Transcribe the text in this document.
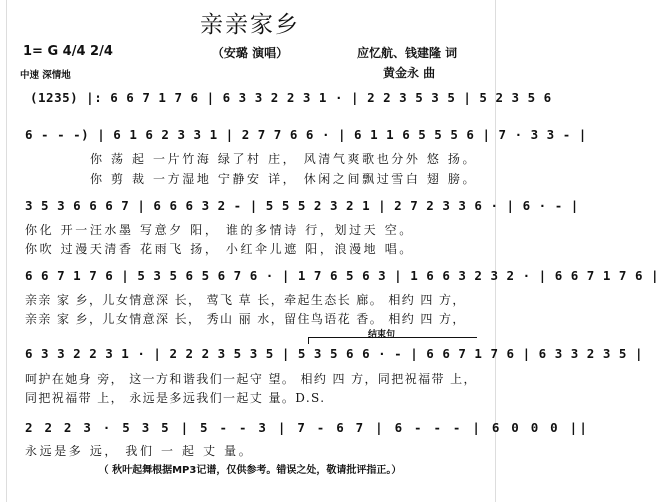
亲亲家乡
（安璐 演唱）	应忆航、钱建隆 词
黄金永 曲
1= G 4/4 2/4
中速 深情地
(1235) |: 6 6 7 1 7 6 | 6 3 3 2 2 3 1 · | 2 2 3 5 3 5 | 5 2 3 5 6
6 - - -) | 6 1 6 2 3 3 1 | 2 7 7 6 6 · | 6 1 1 6 5 5 5 6 | 7 · 3 3 - |
你 荡 起 一片竹海 绿了村 庄， 风清气爽歌也分外 悠 扬。
你 剪 裁 一方湿地 宁静安 详， 休闲之间飘过雪白 翅 膀。
3 5 3 6 6 6 7 | 6 6 6 3 2 - | 5 5 5 2 3 2 1 | 2 7 2 3 3 6 · | 6 · - |
你化 开一汪水墨 写意夕 阳， 谁的多情诗 行，划过天 空。
你吹 过漫天清香 花雨飞 扬， 小红伞儿遮 阳，浪漫地 唱。
6 6 7 1 7 6 | 5 3 5 6 5 6 7 6 · | 1 7 6 5 6 3 | 1 6 6 3 2 3 2 · | 6 6 7 1 7 6 |
亲亲 家 乡，儿女情意深 长， 莺飞 草 长，牵起生态长 廊。 相约 四 方，
亲亲 家 乡，儿女情意深 长， 秀山 丽 水，留住鸟语花 香。 相约 四 方，
结束句
6 3 3 2 2 3 1 · | 2 2 2 3 5 3 5 | 5 3 5 6 6 · - | 6 6 7 1 7 6 | 6 3 3 2 3 5 |
呵护在她身 旁， 这一方和谐我们一起守 望。 相约 四 方，同把祝福带 上，
同把祝福带 上， 永远是多远我们一起丈 量。D.S.
2 2 2 3 · 5 3 5 | 5 - - 3 | 7 - 6 7 | 6 - - - | 6 0 0 0 ||
永远是多 远， 我们 一 起 丈 量。
（ 秋叶起舞根据MP3记谱，仅供参考。错误之处，敬请批评指正。）
